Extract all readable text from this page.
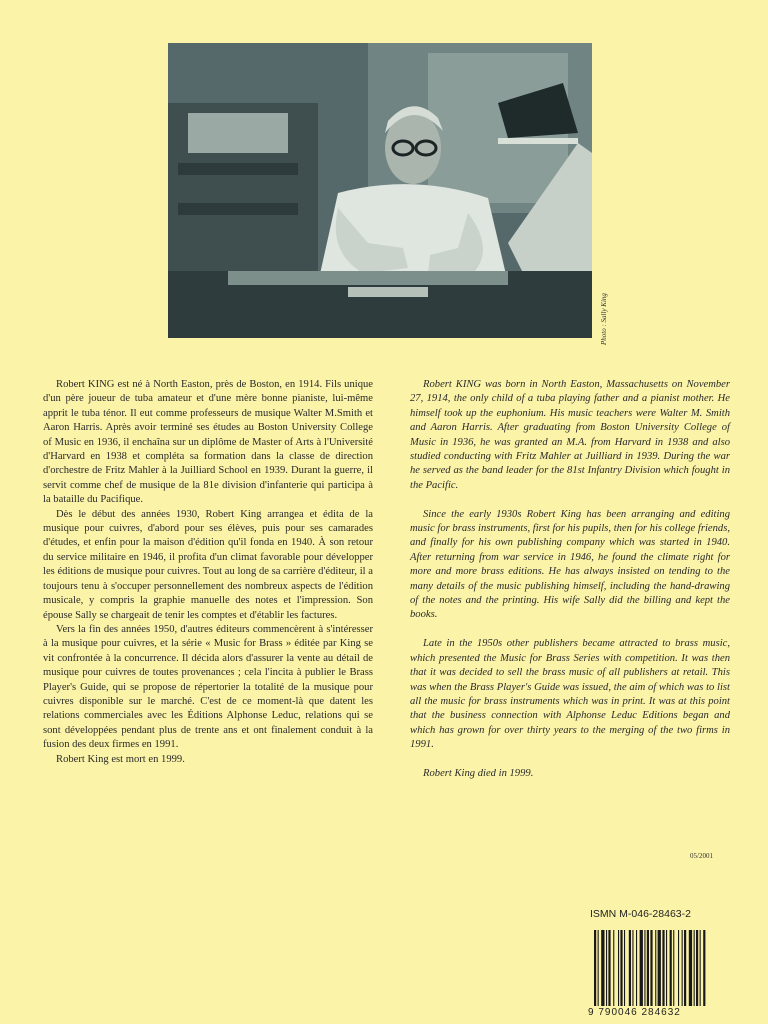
Photo : Sally King

Robert KING est né à North Easton, près de Boston, en 1914. Fils unique d'un père joueur de tuba amateur et d'une mère bonne pianiste, lui-même apprit le tuba ténor. Il eut comme professeurs de musique Walter M.Smith et Aaron Harris. Après avoir terminé ses études au Boston University College of Music en 1936, il enchaîna sur un diplôme de Master of Arts à l'Université d'Harvard en 1938 et compléta sa formation dans la classe de direction d'orchestre de Fritz Mahler à la Juilliard School en 1939. Durant la guerre, il servit comme chef de musique de la 81e division d'infanterie qui participa à la bataille du Pacifique.

Dès le début des années 1930, Robert King arrangea et édita de la musique pour cuivres, d'abord pour ses élèves, puis pour ses camarades d'études, et enfin pour la maison d'édition qu'il fonda en 1940. À son retour du service militaire en 1946, il profita d'un climat favorable pour développer les éditions de musique pour cuivres. Tout au long de sa carrière d'éditeur, il a toujours tenu à s'occuper personnellement des nombreux aspects de l'édition musicale, y compris la graphie manuelle des notes et l'impression. Son épouse Sally se chargeait de tenir les comptes et d'établir les factures.

Vers la fin des années 1950, d'autres éditeurs commencèrent à s'intéresser à la musique pour cuivres, et la série « Music for Brass » éditée par King se vit confrontée à la concurrence. Il décida alors d'assurer la vente au détail de musique pour cuivres de toutes provenances ; cela l'incita à publier le Brass Player's Guide, qui se propose de répertorier la totalité de la musique pour cuivres disponible sur le marché. C'est de ce moment-là que datent les relations commerciales avec les Éditions Alphonse Leduc, relations qui se sont développées pendant plus de trente ans et ont finalement conduit à la fusion des deux firmes en 1991.

Robert King est mort en 1999.

Robert KING was born in North Easton, Massachusetts on November 27, 1914, the only child of a tuba playing father and a pianist mother. He himself took up the euphonium. His music teachers were Walter M. Smith and Aaron Harris. After graduating from Boston University College of Music in 1936, he was granted an M.A. from Harvard in 1938 and also studied conducting with Fritz Mahler at Juilliard in 1939. During the war he served as the band leader for the 81st Infantry Division which fought in the Pacific.

Since the early 1930s Robert King has been arranging and editing music for brass instruments, first for his pupils, then for his college friends, and finally for his own publishing company which was started in 1940. After returning from war service in 1946, he found the climate right for more and more brass editions. He has always insisted on tending to the many details of the music publishing himself, including the hand-drawing of the notes and the printing. His wife Sally did the billing and kept the books.

Late in the 1950s other publishers became attracted to brass music, which presented the Music for Brass Series with competition. It was then that it was decided to sell the brass music of all publishers at retail. This was when the Brass Player's Guide was issued, the aim of which was to list all the music for brass instruments which was in print. It was at this point that the business connection with Alphonse Leduc Editions began and which has grown for over thirty years to the merging of the two firms in 1991.

Robert King died in 1999.

05/2001
ISMN M-046-28463-2
9 790046 284632
